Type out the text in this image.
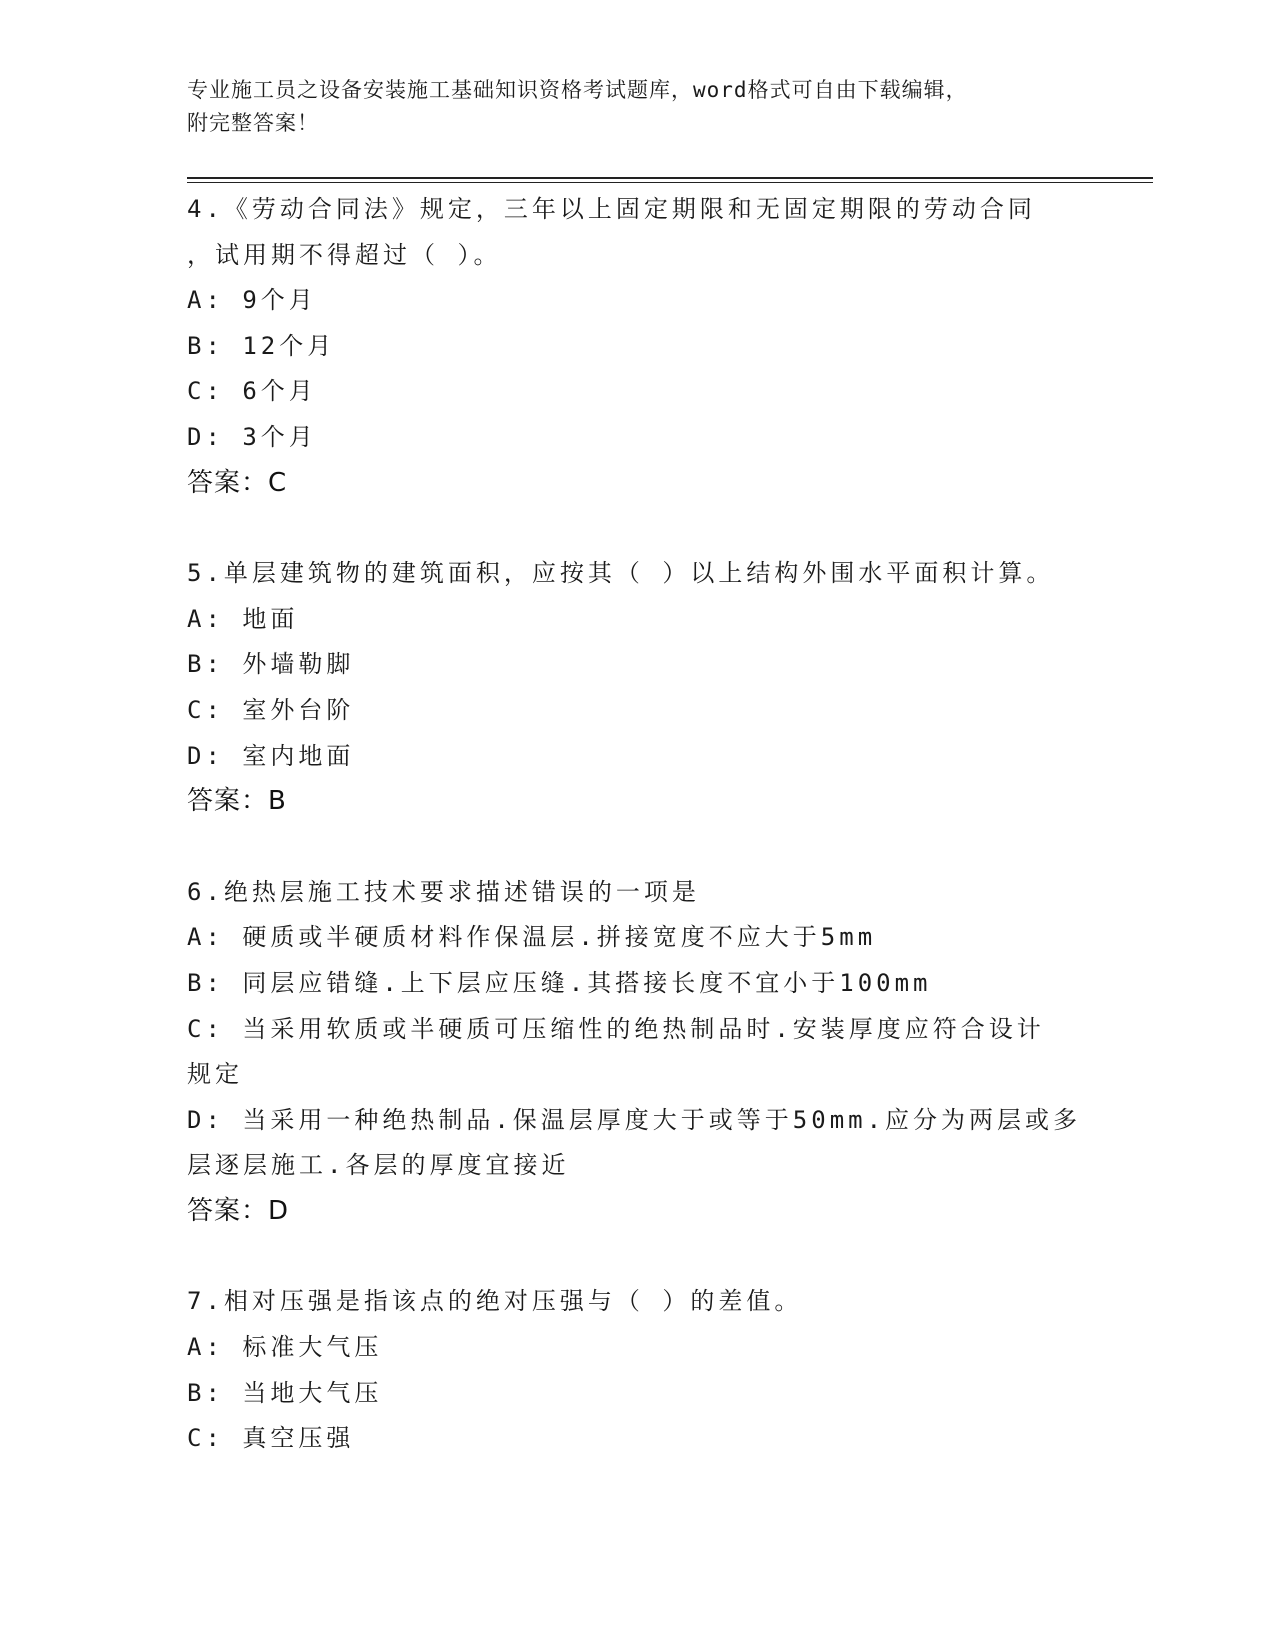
专业施工员之设备安装施工基础知识资格考试题库，word格式可自由下载编辑，
附完整答案！
4.《劳动合同法》规定，三年以上固定期限和无固定期限的劳动合同
，试用期不得超过（ ）。
A: 9个月
B: 12个月
C: 6个月
D: 3个月
答案：C
5.单层建筑物的建筑面积，应按其（ ）以上结构外围水平面积计算。
A: 地面
B: 外墙勒脚
C: 室外台阶
D: 室内地面
答案：B
6.绝热层施工技术要求描述错误的一项是
A: 硬质或半硬质材料作保温层.拼接宽度不应大于5mm
B: 同层应错缝.上下层应压缝.其搭接长度不宜小于100mm
C: 当采用软质或半硬质可压缩性的绝热制品时.安装厚度应符合设计
规定
D: 当采用一种绝热制品.保温层厚度大于或等于50mm.应分为两层或多
层逐层施工.各层的厚度宜接近
答案：D
7.相对压强是指该点的绝对压强与（ ）的差值。
A: 标准大气压
B: 当地大气压
C: 真空压强
